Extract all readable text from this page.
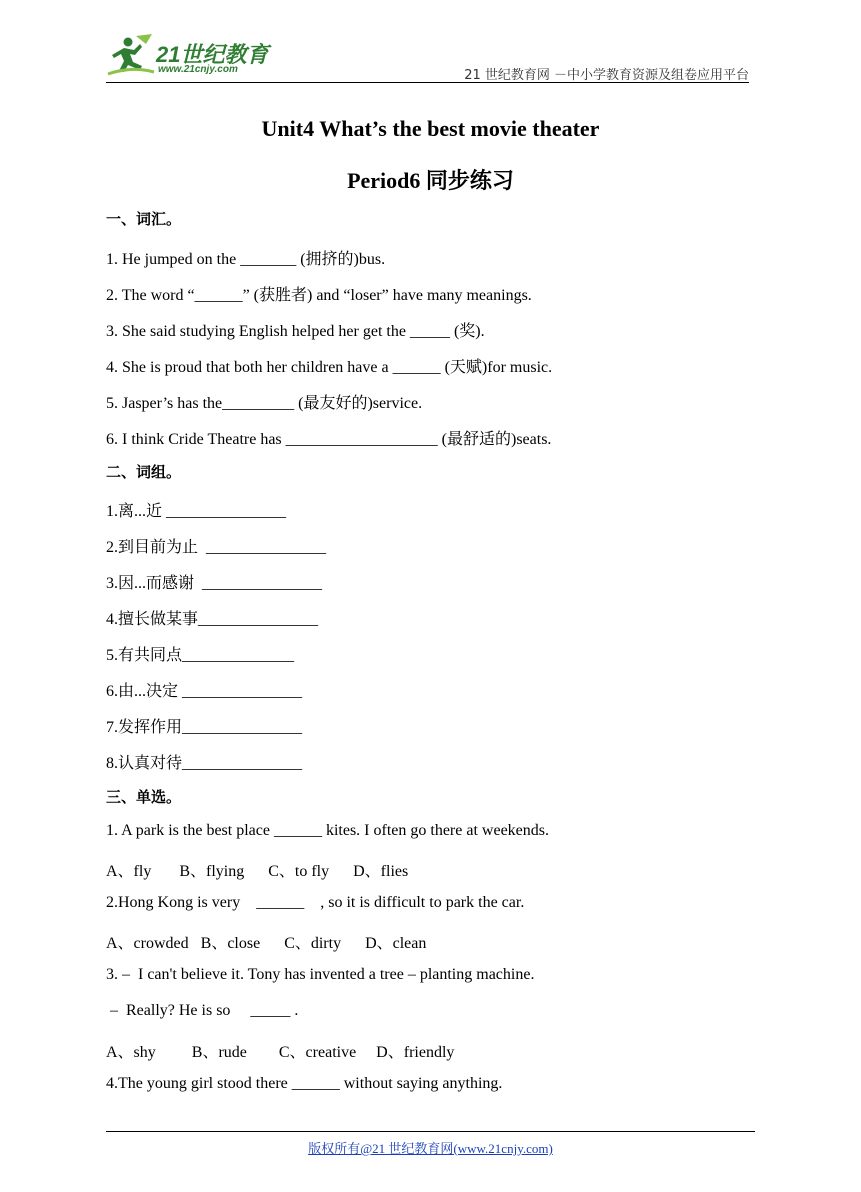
21世纪教育
www.21cnjy.com	21 世纪教育网 －中小学教育资源及组卷应用平台
Unit4 What’s the best movie theater
Period6 同步练习
一、词汇。
1. He jumped on the _______ (拥挤的)bus.
2. The word “______” (获胜者) and “loser” have many meanings.
3. She said studying English helped her get the _____ (奖).
4. She is proud that both her children have a ______ (天赋)for music.
5. Jasper’s has the_________ (最友好的)service.
6. I think Cride Theatre has ___________________ (最舒适的)seats.
二、词组。
1.离...近 _______________
2.到目前为止  _______________
3.因...而感谢  _______________
4.擅长做某事_______________
5.有共同点______________
6.由...决定 _______________
7.发挥作用_______________
8.认真对待_______________
三、单选。
1. A park is the best place ______ kites. I often go there at weekends.
A、fly       B、flying      C、to fly      D、flies
2.Hong Kong is very    ______    , so it is difficult to park the car.
A、crowded   B、close      C、dirty      D、clean
3. –  I can't believe it. Tony has invented a tree – planting machine.
–  Really? He is so     _____ .
A、shy         B、rude        C、creative     D、friendly
4.The young girl stood there ______ without saying anything.
版权所有@21 世纪教育网(www.21cnjy.com)
